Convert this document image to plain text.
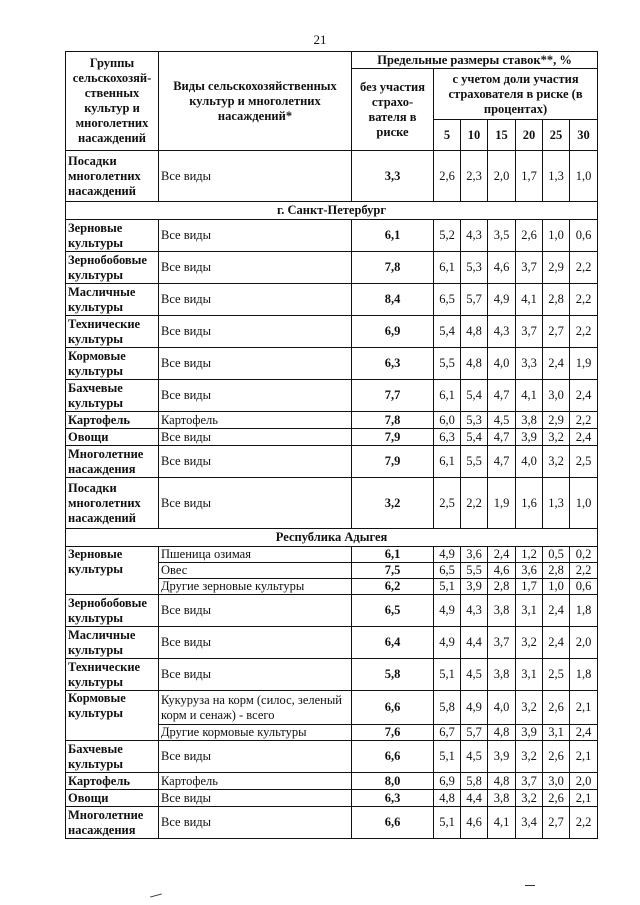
21
Группы сельскохозяй-ственных культур и многолетних насаждений	Виды сельскохозяйственных культур и многолетних насаждений*	Предельные размеры ставок**, %						
		без участия страхо-вателя в риске	с учетом доли участия страхователя в риске (в процентах)					
			5	10	15	20	25	30
Посадки многолетних насаждений	Все виды	3,3	2,6	2,3	2,0	1,7	1,3	1,0
г. Санкт-Петербург								
Зерновые культуры	Все виды	6,1	5,2	4,3	3,5	2,6	1,0	0,6
Зернобобовые культуры	Все виды	7,8	6,1	5,3	4,6	3,7	2,9	2,2
Масличные культуры	Все виды	8,4	6,5	5,7	4,9	4,1	2,8	2,2
Технические культуры	Все виды	6,9	5,4	4,8	4,3	3,7	2,7	2,2
Кормовые культуры	Все виды	6,3	5,5	4,8	4,0	3,3	2,4	1,9
Бахчевые культуры	Все виды	7,7	6,1	5,4	4,7	4,1	3,0	2,4
Картофель	Картофель	7,8	6,0	5,3	4,5	3,8	2,9	2,2
Овощи	Все виды	7,9	6,3	5,4	4,7	3,9	3,2	2,4
Многолетние насаждения	Все виды	7,9	6,1	5,5	4,7	4,0	3,2	2,5
Посадки многолетних насаждений	Все виды	3,2	2,5	2,2	1,9	1,6	1,3	1,0
Республика Адыгея								
Зерновые культуры	Пшеница озимая	6,1	4,9	3,6	2,4	1,2	0,5	0,2
	Овес	7,5	6,5	5,5	4,6	3,6	2,8	2,2
	Другие зерновые культуры	6,2	5,1	3,9	2,8	1,7	1,0	0,6
Зернобобовые культуры	Все виды	6,5	4,9	4,3	3,8	3,1	2,4	1,8
Масличные культуры	Все виды	6,4	4,9	4,4	3,7	3,2	2,4	2,0
Технические культуры	Все виды	5,8	5,1	4,5	3,8	3,1	2,5	1,8
Кормовые культуры	Кукуруза на корм (силос, зеленый корм и сенаж) - всего	6,6	5,8	4,9	4,0	3,2	2,6	2,1
	Другие кормовые культуры	7,6	6,7	5,7	4,8	3,9	3,1	2,4
Бахчевые культуры	Все виды	6,6	5,1	4,5	3,9	3,2	2,6	2,1
Картофель	Картофель	8,0	6,9	5,8	4,8	3,7	3,0	2,0
Овощи	Все виды	6,3	4,8	4,4	3,8	3,2	2,6	2,1
Многолетние насаждения	Все виды	6,6	5,1	4,6	4,1	3,4	2,7	2,2
